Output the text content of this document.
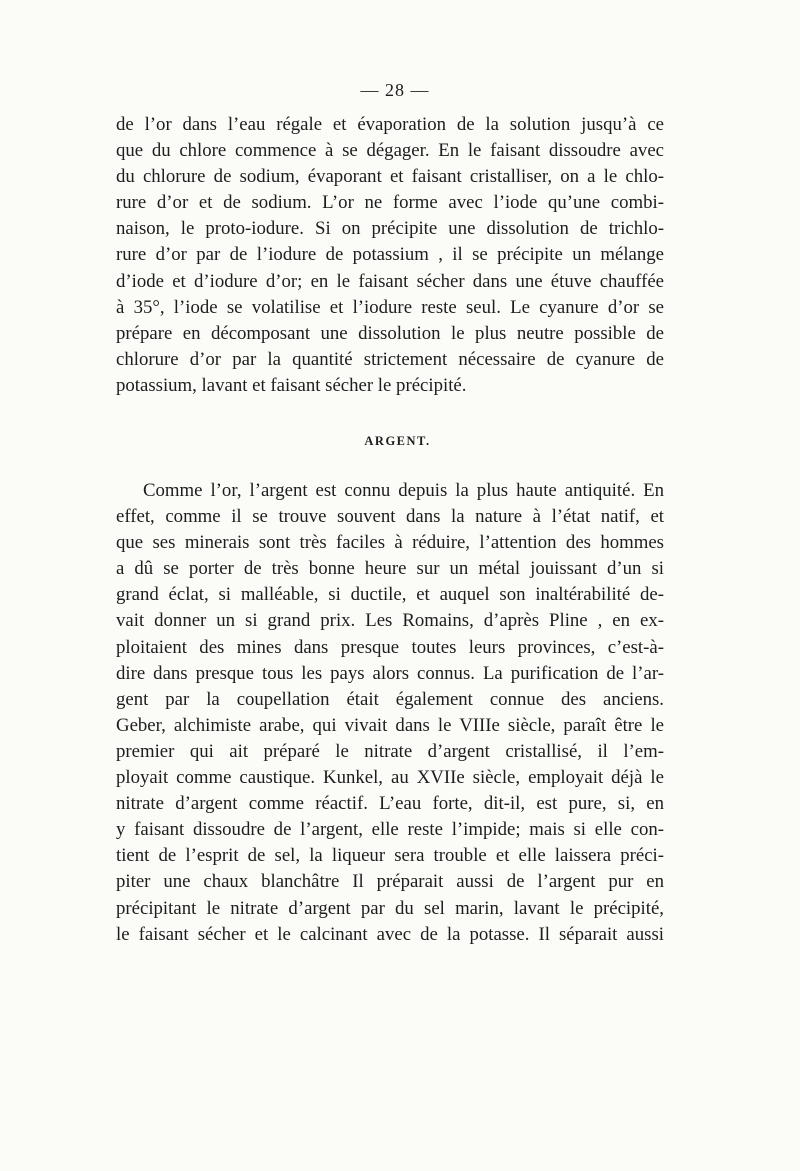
— 28 —
de l’or dans l’eau régale et évaporation de la solution jusqu’à ce
que du chlore commence à se dégager. En le faisant dissoudre avec
du chlorure de sodium, évaporant et faisant cristalliser, on a le chlo-
rure d’or et de sodium. L’or ne forme avec l’iode qu’une combi-
naison, le proto-iodure. Si on précipite une dissolution de trichlo-
rure d’or par de l’iodure de potassium , il se précipite un mélange
d’iode et d’iodure d’or; en le faisant sécher dans une étuve chauffée
à 35°, l’iode se volatilise et l’iodure reste seul. Le cyanure d’or se
prépare en décomposant une dissolution le plus neutre possible de
chlorure d’or par la quantité strictement nécessaire de cyanure de
potassium, lavant et faisant sécher le précipité.
ARGENT.
Comme l’or, l’argent est connu depuis la plus haute antiquité. En
effet, comme il se trouve souvent dans la nature à l’état natif, et
que ses minerais sont très faciles à réduire, l’attention des hommes
a dû se porter de très bonne heure sur un métal jouissant d’un si
grand éclat, si malléable, si ductile, et auquel son inaltérabilité de-
vait donner un si grand prix. Les Romains, d’après Pline , en ex-
ploitaient des mines dans presque toutes leurs provinces, c’est-à-
dire dans presque tous les pays alors connus. La purification de l’ar-
gent par la coupellation était également connue des anciens.
Geber, alchimiste arabe, qui vivait dans le VIIIe siècle, paraît être le
premier qui ait préparé le nitrate d’argent cristallisé, il l’em-
ployait comme caustique. Kunkel, au XVIIe siècle, employait déjà le
nitrate d’argent comme réactif. L’eau forte, dit-il, est pure, si, en
y faisant dissoudre de l’argent, elle reste l’impide; mais si elle con-
tient de l’esprit de sel, la liqueur sera trouble et elle laissera préci-
piter une chaux blanchâtre Il préparait aussi de l’argent pur en
précipitant le nitrate d’argent par du sel marin, lavant le précipité,
le faisant sécher et le calcinant avec de la potasse. Il séparait aussi
